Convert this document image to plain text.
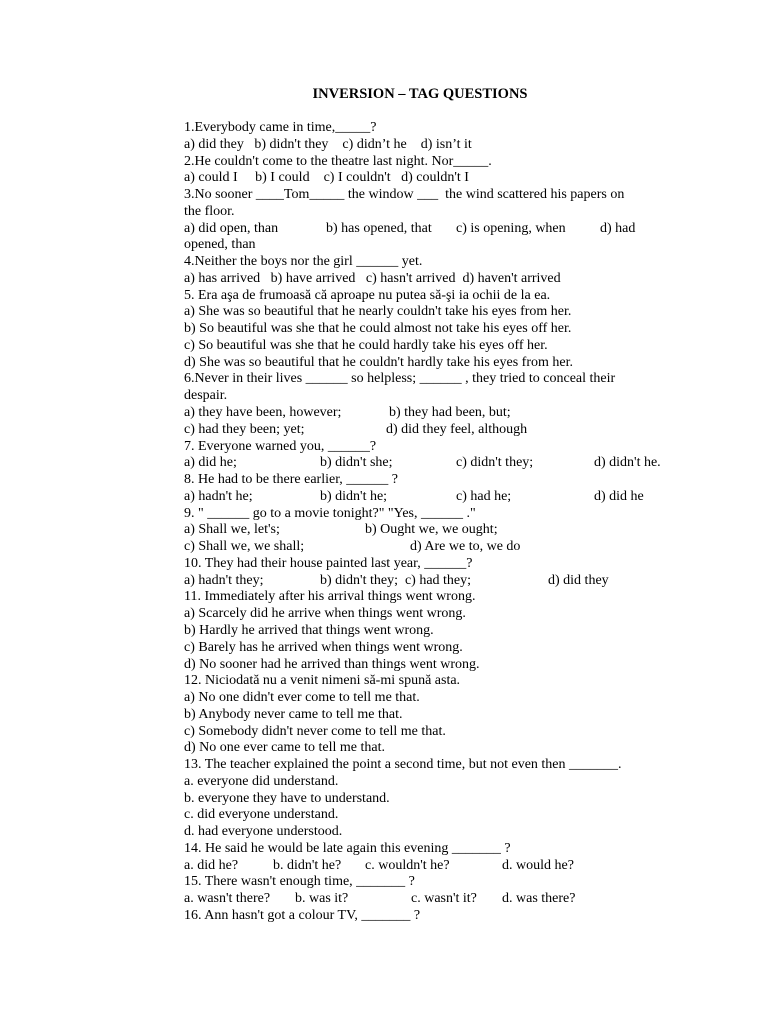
INVERSION – TAG QUESTIONS
1.Everybody came in time,_____?
a) did they   b) didn't they    c) didn’t he    d) isn’t it
2.He couldn't come to the theatre last night. Nor_____.
a) could I     b) I could    c) I couldn't   d) couldn't I
3.No sooner ____Tom_____ the window ___  the wind scattered his papers on
the floor.
a) did open, than	b) has opened, that c) is opening, when d) had
opened, than
4.Neither the boys nor the girl ______ yet.
a) has arrived   b) have arrived   c) hasn't arrived  d) haven't arrived
5. Era aşa de frumoasă că aproape nu putea să-şi ia ochii de la ea.
a) She was so beautiful that he nearly couldn't take his eyes from her.
b) So beautiful was she that he could almost not take his eyes off her.
c) So beautiful was she that he could hardly take his eyes off her.
d) She was so beautiful that he couldn't hardly take his eyes from her.
6.Never in their lives ______ so helpless; ______ , they tried to conceal their
despair.
a) they have been, however;	b) they had been, but;
c) had they been; yet;	d) did they feel, although
7. Everyone warned you, ______?
a) did he;	b) didn't she;	c) didn't they;	d) didn't he.
8. He had to be there earlier, ______ ?
a) hadn't he;	b) didn't he;	c) had he;	d) did he
9. " ______ go to a movie tonight?" "Yes, ______ ."
a) Shall we, let's;	b) Ought we, we ought;
c) Shall we, we shall;	d) Are we to, we do
10. They had their house painted last year, ______?
a) hadn't they;	b) didn't they;  c) had they;	d) did they
11. Immediately after his arrival things went wrong.
a) Scarcely did he arrive when things went wrong.
b) Hardly he arrived that things went wrong.
c) Barely has he arrived when things went wrong.
d) No sooner had he arrived than things went wrong.
12. Niciodată nu a venit nimeni să-mi spună asta.
a) No one didn't ever come to tell me that.
b) Anybody never came to tell me that.
c) Somebody didn't never come to tell me that.
d) No one ever came to tell me that.
13. The teacher explained the point a second time, but not even then _______.
a. everyone did understand.
b. everyone they have to understand.
c. did everyone understand.
d. had everyone understood.
14. He said he would be late again this evening _______ ?
a. did he? b. didn't he? c. wouldn't he?	d. would he?
15. There wasn't enough time, _______ ?
a. wasn't there? b. was it?	c. wasn't it? d. was there?
16. Ann hasn't got a colour TV, _______ ?
